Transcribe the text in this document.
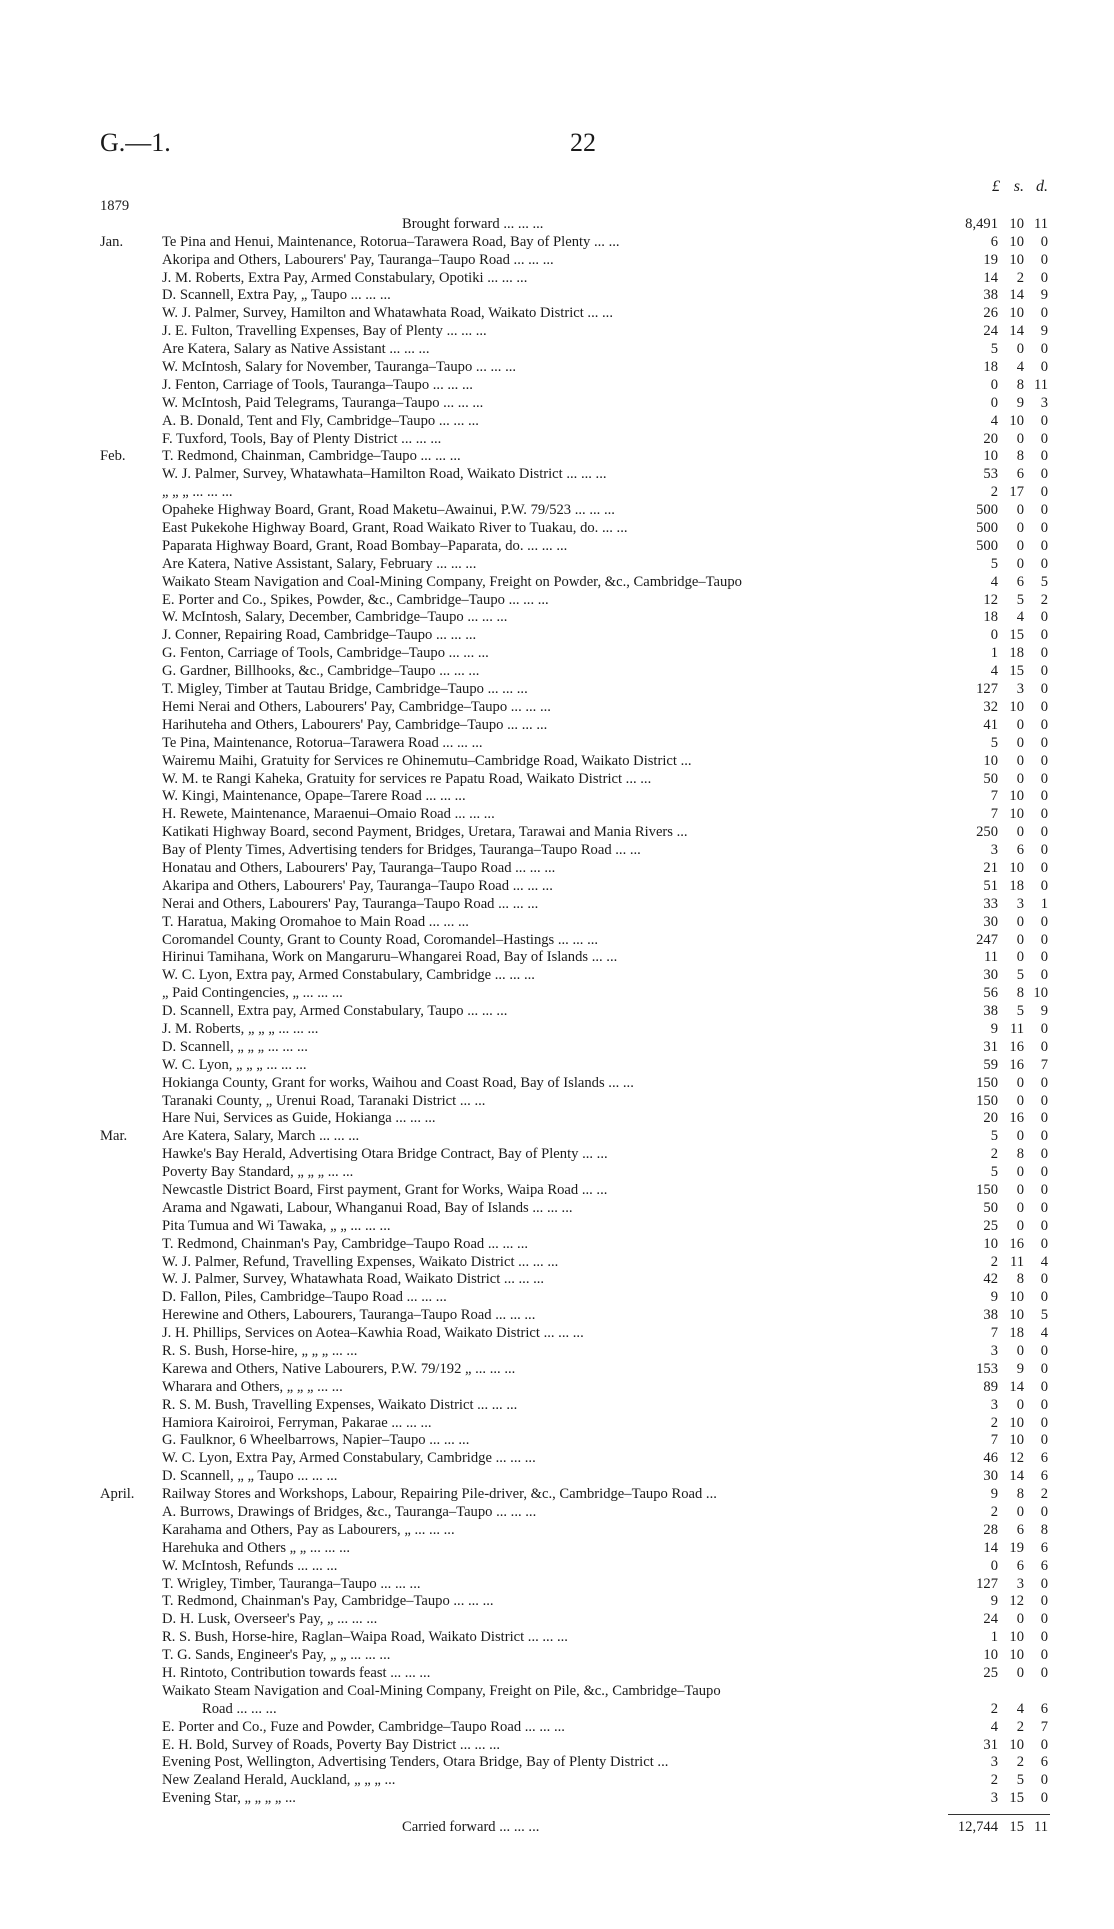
G.—1.	22
£ s. d.
1879
Brought forward ... ... ...	8,491 10 11
Jan.	Te Pina and Henui, Maintenance, Rotorua–Tarawera Road, Bay of Plenty ... ...	6 10	0
Akoripa and Others, Labourers' Pay, Tauranga–Taupo Road ... ... ...	19 10	0
J. M. Roberts, Extra Pay, Armed Constabulary, Opotiki ... ... ...	14	2	0
D. Scannell, Extra Pay, „ Taupo ... ... ...	38 14	9
W. J. Palmer, Survey, Hamilton and Whatawhata Road, Waikato District ... ...	26 10	0
J. E. Fulton, Travelling Expenses, Bay of Plenty ... ... ...	24 14	9
Are Katera, Salary as Native Assistant ... ... ...	5	0	0
W. McIntosh, Salary for November, Tauranga–Taupo ... ... ...	18	4	0
J. Fenton, Carriage of Tools, Tauranga–Taupo ... ... ...	0	8 11
W. McIntosh, Paid Telegrams, Tauranga–Taupo ... ... ...	0	9	3
A. B. Donald, Tent and Fly, Cambridge–Taupo ... ... ...	4 10	0
F. Tuxford, Tools, Bay of Plenty District ... ... ...	20	0	0
Feb.	T. Redmond, Chainman, Cambridge–Taupo ... ... ...	10	8	0
W. J. Palmer, Survey, Whatawhata–Hamilton Road, Waikato District ... ... ...	53	6	0
„ „ „ ... ... ...	2 17	0
Opaheke Highway Board, Grant, Road Maketu–Awainui, P.W. 79/523 ... ... ...	500	0	0
East Pukekohe Highway Board, Grant, Road Waikato River to Tuakau, do. ... ...	500	0	0
Paparata Highway Board, Grant, Road Bombay–Paparata, do. ... ... ...	500	0	0
Are Katera, Native Assistant, Salary, February ... ... ...	5	0	0
Waikato Steam Navigation and Coal-Mining Company, Freight on Powder, &c., Cambridge–Taupo	4	6	5
E. Porter and Co., Spikes, Powder, &c., Cambridge–Taupo ... ... ...	12	5	2
W. McIntosh, Salary, December, Cambridge–Taupo ... ... ...	18	4	0
J. Conner, Repairing Road, Cambridge–Taupo ... ... ...	0 15	0
G. Fenton, Carriage of Tools, Cambridge–Taupo ... ... ...	1 18	0
G. Gardner, Billhooks, &c., Cambridge–Taupo ... ... ...	4 15	0
T. Migley, Timber at Tautau Bridge, Cambridge–Taupo ... ... ...	127	3	0
Hemi Nerai and Others, Labourers' Pay, Cambridge–Taupo ... ... ...	32 10	0
Harihuteha and Others, Labourers' Pay, Cambridge–Taupo ... ... ...	41	0	0
Te Pina, Maintenance, Rotorua–Tarawera Road ... ... ...	5	0	0
Wairemu Maihi, Gratuity for Services re Ohinemutu–Cambridge Road, Waikato District ...	10	0	0
W. M. te Rangi Kaheka, Gratuity for services re Papatu Road, Waikato District ... ...	50	0	0
W. Kingi, Maintenance, Opape–Tarere Road ... ... ...	7 10	0
H. Rewete, Maintenance, Maraenui–Omaio Road ... ... ...	7 10	0
Katikati Highway Board, second Payment, Bridges, Uretara, Tarawai and Mania Rivers ...	250	0	0
Bay of Plenty Times, Advertising tenders for Bridges, Tauranga–Taupo Road ... ...	3	6	0
Honatau and Others, Labourers' Pay, Tauranga–Taupo Road ... ... ...	21 10	0
Akaripa and Others, Labourers' Pay, Tauranga–Taupo Road ... ... ...	51 18	0
Nerai and Others, Labourers' Pay, Tauranga–Taupo Road ... ... ...	33	3	1
T. Haratua, Making Oromahoe to Main Road ... ... ...	30	0	0
Coromandel County, Grant to County Road, Coromandel–Hastings ... ... ...	247	0	0
Hirinui Tamihana, Work on Mangaruru–Whangarei Road, Bay of Islands ... ...	11	0	0
W. C. Lyon, Extra pay, Armed Constabulary, Cambridge ... ... ...	30	5	0
„ Paid Contingencies, „ ... ... ...	56	8 10
D. Scannell, Extra pay, Armed Constabulary, Taupo ... ... ...	38	5	9
J. M. Roberts, „ „ „ ... ... ...	9 11	0
D. Scannell, „ „ „ ... ... ...	31 16	0
W. C. Lyon, „ „ „ ... ... ...	59 16	7
Hokianga County, Grant for works, Waihou and Coast Road, Bay of Islands ... ...	150	0	0
Taranaki County, „ Urenui Road, Taranaki District ... ...	150	0	0
Hare Nui, Services as Guide, Hokianga ... ... ...	20 16	0
Mar.	Are Katera, Salary, March ... ... ...	5	0	0
Hawke's Bay Herald, Advertising Otara Bridge Contract, Bay of Plenty ... ...	2	8	0
Poverty Bay Standard, „ „ „ ... ...	5	0	0
Newcastle District Board, First payment, Grant for Works, Waipa Road ... ...	150	0	0
Arama and Ngawati, Labour, Whanganui Road, Bay of Islands ... ... ...	50	0	0
Pita Tumua and Wi Tawaka, „ „ ... ... ...	25	0	0
T. Redmond, Chainman's Pay, Cambridge–Taupo Road ... ... ...	10 16	0
W. J. Palmer, Refund, Travelling Expenses, Waikato District ... ... ...	2 11	4
W. J. Palmer, Survey, Whatawhata Road, Waikato District ... ... ...	42	8	0
D. Fallon, Piles, Cambridge–Taupo Road ... ... ...	9 10	0
Herewine and Others, Labourers, Tauranga–Taupo Road ... ... ...	38 10	5
J. H. Phillips, Services on Aotea–Kawhia Road, Waikato District ... ... ...	7 18	4
R. S. Bush, Horse-hire, „ „ „ ... ...	3	0	0
Karewa and Others, Native Labourers, P.W. 79/192 „ ... ... ...	153	9	0
Wharara and Others, „ „ „ ... ...	89 14	0
R. S. M. Bush, Travelling Expenses, Waikato District ... ... ...	3	0	0
Hamiora Kairoiroi, Ferryman, Pakarae ... ... ...	2 10	0
G. Faulknor, 6 Wheelbarrows, Napier–Taupo ... ... ...	7 10	0
W. C. Lyon, Extra Pay, Armed Constabulary, Cambridge ... ... ...	46 12	6
D. Scannell, „ „ Taupo ... ... ...	30 14	6
April.	Railway Stores and Workshops, Labour, Repairing Pile-driver, &c., Cambridge–Taupo Road ...	9	8	2
A. Burrows, Drawings of Bridges, &c., Tauranga–Taupo ... ... ...	2	0	0
Karahama and Others, Pay as Labourers, „ ... ... ...	28	6	8
Harehuka and Others „ „ ... ... ...	14 19	6
W. McIntosh, Refunds ... ... ...	0	6	6
T. Wrigley, Timber, Tauranga–Taupo ... ... ...	127	3	0
T. Redmond, Chainman's Pay, Cambridge–Taupo ... ... ...	9 12	0
D. H. Lusk, Overseer's Pay, „ ... ... ...	24	0	0
R. S. Bush, Horse-hire, Raglan–Waipa Road, Waikato District ... ... ...	1 10	0
T. G. Sands, Engineer's Pay, „ „ ... ... ...	10 10	0
H. Rintoto, Contribution towards feast ... ... ...	25	0	0
Waikato Steam Navigation and Coal-Mining Company, Freight on Pile, &c., Cambridge–Taupo
Road ... ... ...	2	4	6
E. Porter and Co., Fuze and Powder, Cambridge–Taupo Road ... ... ...	4	2	7
E. H. Bold, Survey of Roads, Poverty Bay District ... ... ...	31 10	0
Evening Post, Wellington, Advertising Tenders, Otara Bridge, Bay of Plenty District ...	3	2	6
New Zealand Herald, Auckland, „ „ „ ...	2	5	0
Evening Star, „ „ „ „ ...	3 15	0
Carried forward ... ... ...	12,744 15 11
